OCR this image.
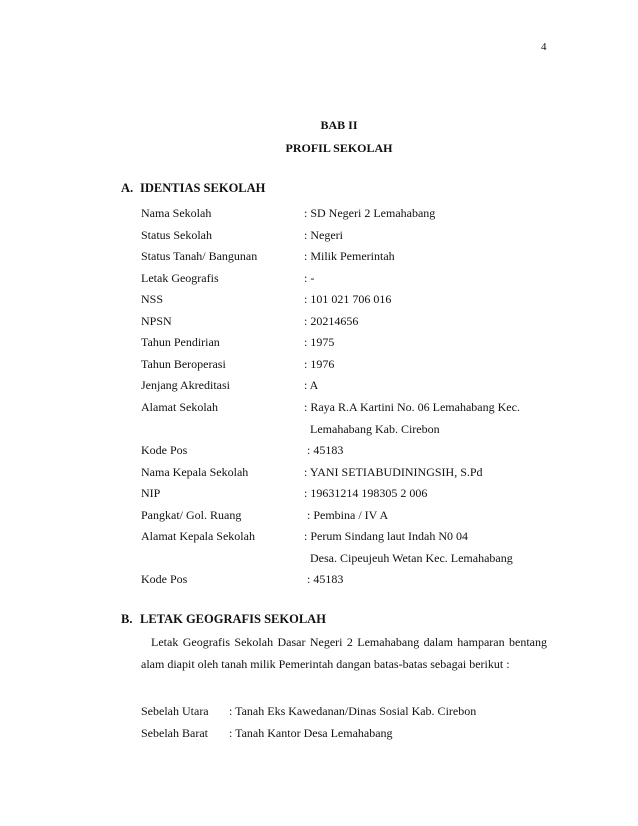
4
BAB II
PROFIL SEKOLAH
A. IDENTIAS SEKOLAH
Nama Sekolah	: SD Negeri 2 Lemahabang
Status Sekolah	: Negeri
Status Tanah/ Bangunan	: Milik Pemerintah
Letak Geografis	: -
NSS	: 101 021 706 016
NPSN	: 20214656
Tahun Pendirian	: 1975
Tahun Beroperasi	: 1976
Jenjang Akreditasi	: A
Alamat Sekolah	: Raya R.A Kartini No. 06 Lemahabang Kec.
Lemahabang Kab. Cirebon
Kode Pos	: 45183
Nama Kepala Sekolah	: YANI SETIABUDININGSIH, S.Pd
NIP	: 19631214 198305 2 006
Pangkat/ Gol. Ruang	: Pembina / IV A
Alamat Kepala Sekolah	: Perum Sindang laut Indah N0 04
Desa. Cipeujeuh Wetan Kec. Lemahabang
Kode Pos	: 45183
B. LETAK GEOGRAFIS SEKOLAH
Letak Geografis Sekolah Dasar Negeri 2 Lemahabang dalam hamparan bentang alam diapit oleh tanah milik Pemerintah dangan batas-batas sebagai berikut :
Sebelah Utara : Tanah Eks Kawedanan/Dinas Sosial Kab. Cirebon
Sebelah Barat : Tanah Kantor Desa Lemahabang
